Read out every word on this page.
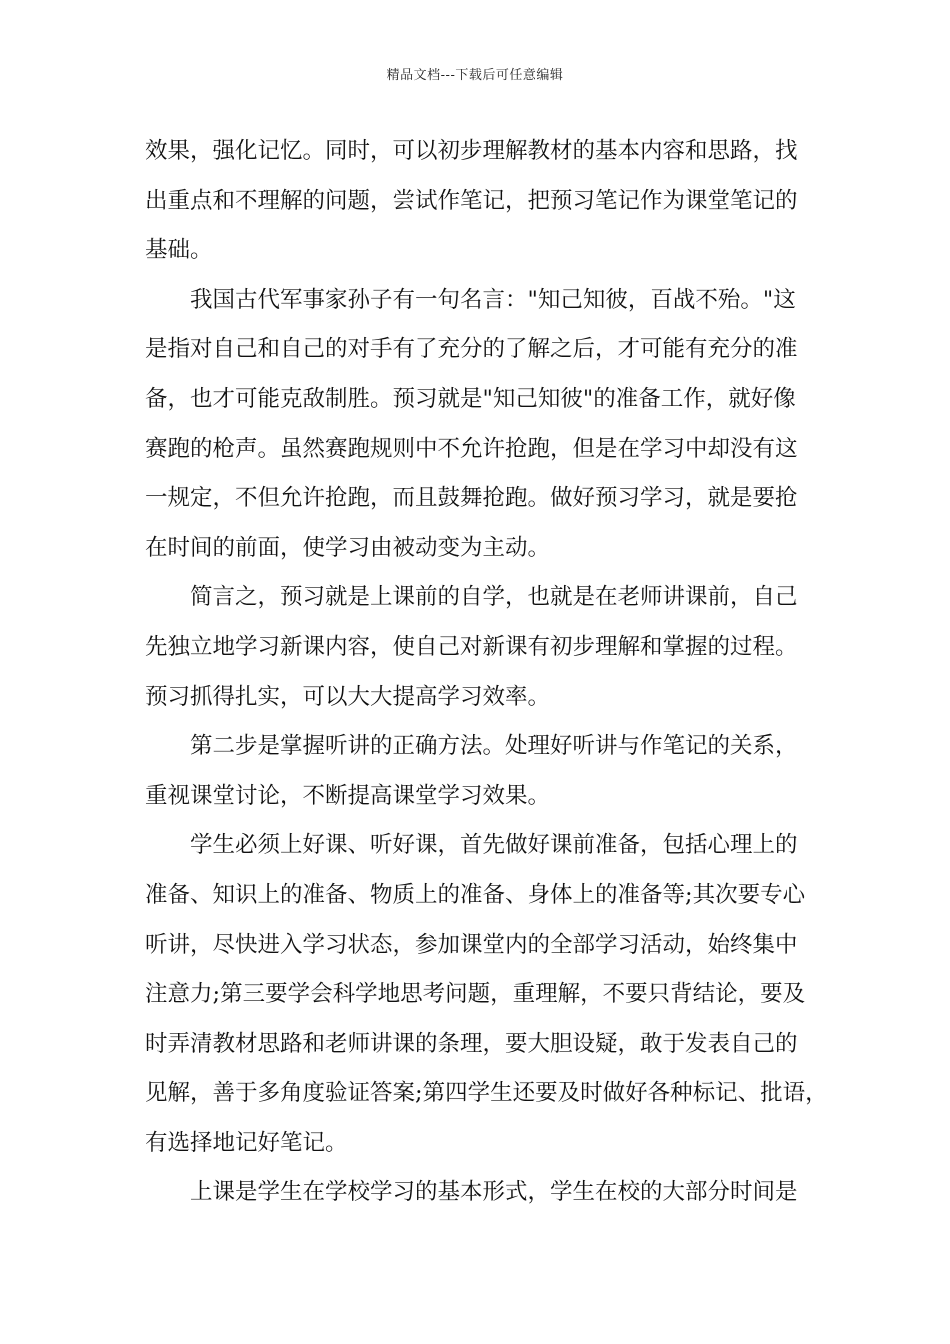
精品文档---下载后可任意编辑
效果，强化记忆。同时，可以初步理解教材的基本内容和思路，找
出重点和不理解的问题，尝试作笔记，把预习笔记作为课堂笔记的
基础。
　　我国古代军事家孙子有一句名言："知己知彼，百战不殆。"这
是指对自己和自己的对手有了充分的了解之后，才可能有充分的准
备，也才可能克敌制胜。预习就是"知己知彼"的准备工作，就好像
赛跑的枪声。虽然赛跑规则中不允许抢跑，但是在学习中却没有这
一规定，不但允许抢跑，而且鼓舞抢跑。做好预习学习，就是要抢
在时间的前面，使学习由被动变为主动。
　　简言之，预习就是上课前的自学，也就是在老师讲课前，自己
先独立地学习新课内容，使自己对新课有初步理解和掌握的过程。
预习抓得扎实，可以大大提高学习效率。
　　第二步是掌握听讲的正确方法。处理好听讲与作笔记的关系，
重视课堂讨论，不断提高课堂学习效果。
　　学生必须上好课、听好课，首先做好课前准备，包括心理上的
准备、知识上的准备、物质上的准备、身体上的准备等;其次要专心
听讲，尽快进入学习状态，参加课堂内的全部学习活动，始终集中
注意力;第三要学会科学地思考问题，重理解，不要只背结论，要及
时弄清教材思路和老师讲课的条理，要大胆设疑，敢于发表自己的
见解，善于多角度验证答案;第四学生还要及时做好各种标记、批语，
有选择地记好笔记。
　　上课是学生在学校学习的基本形式，学生在校的大部分时间是
